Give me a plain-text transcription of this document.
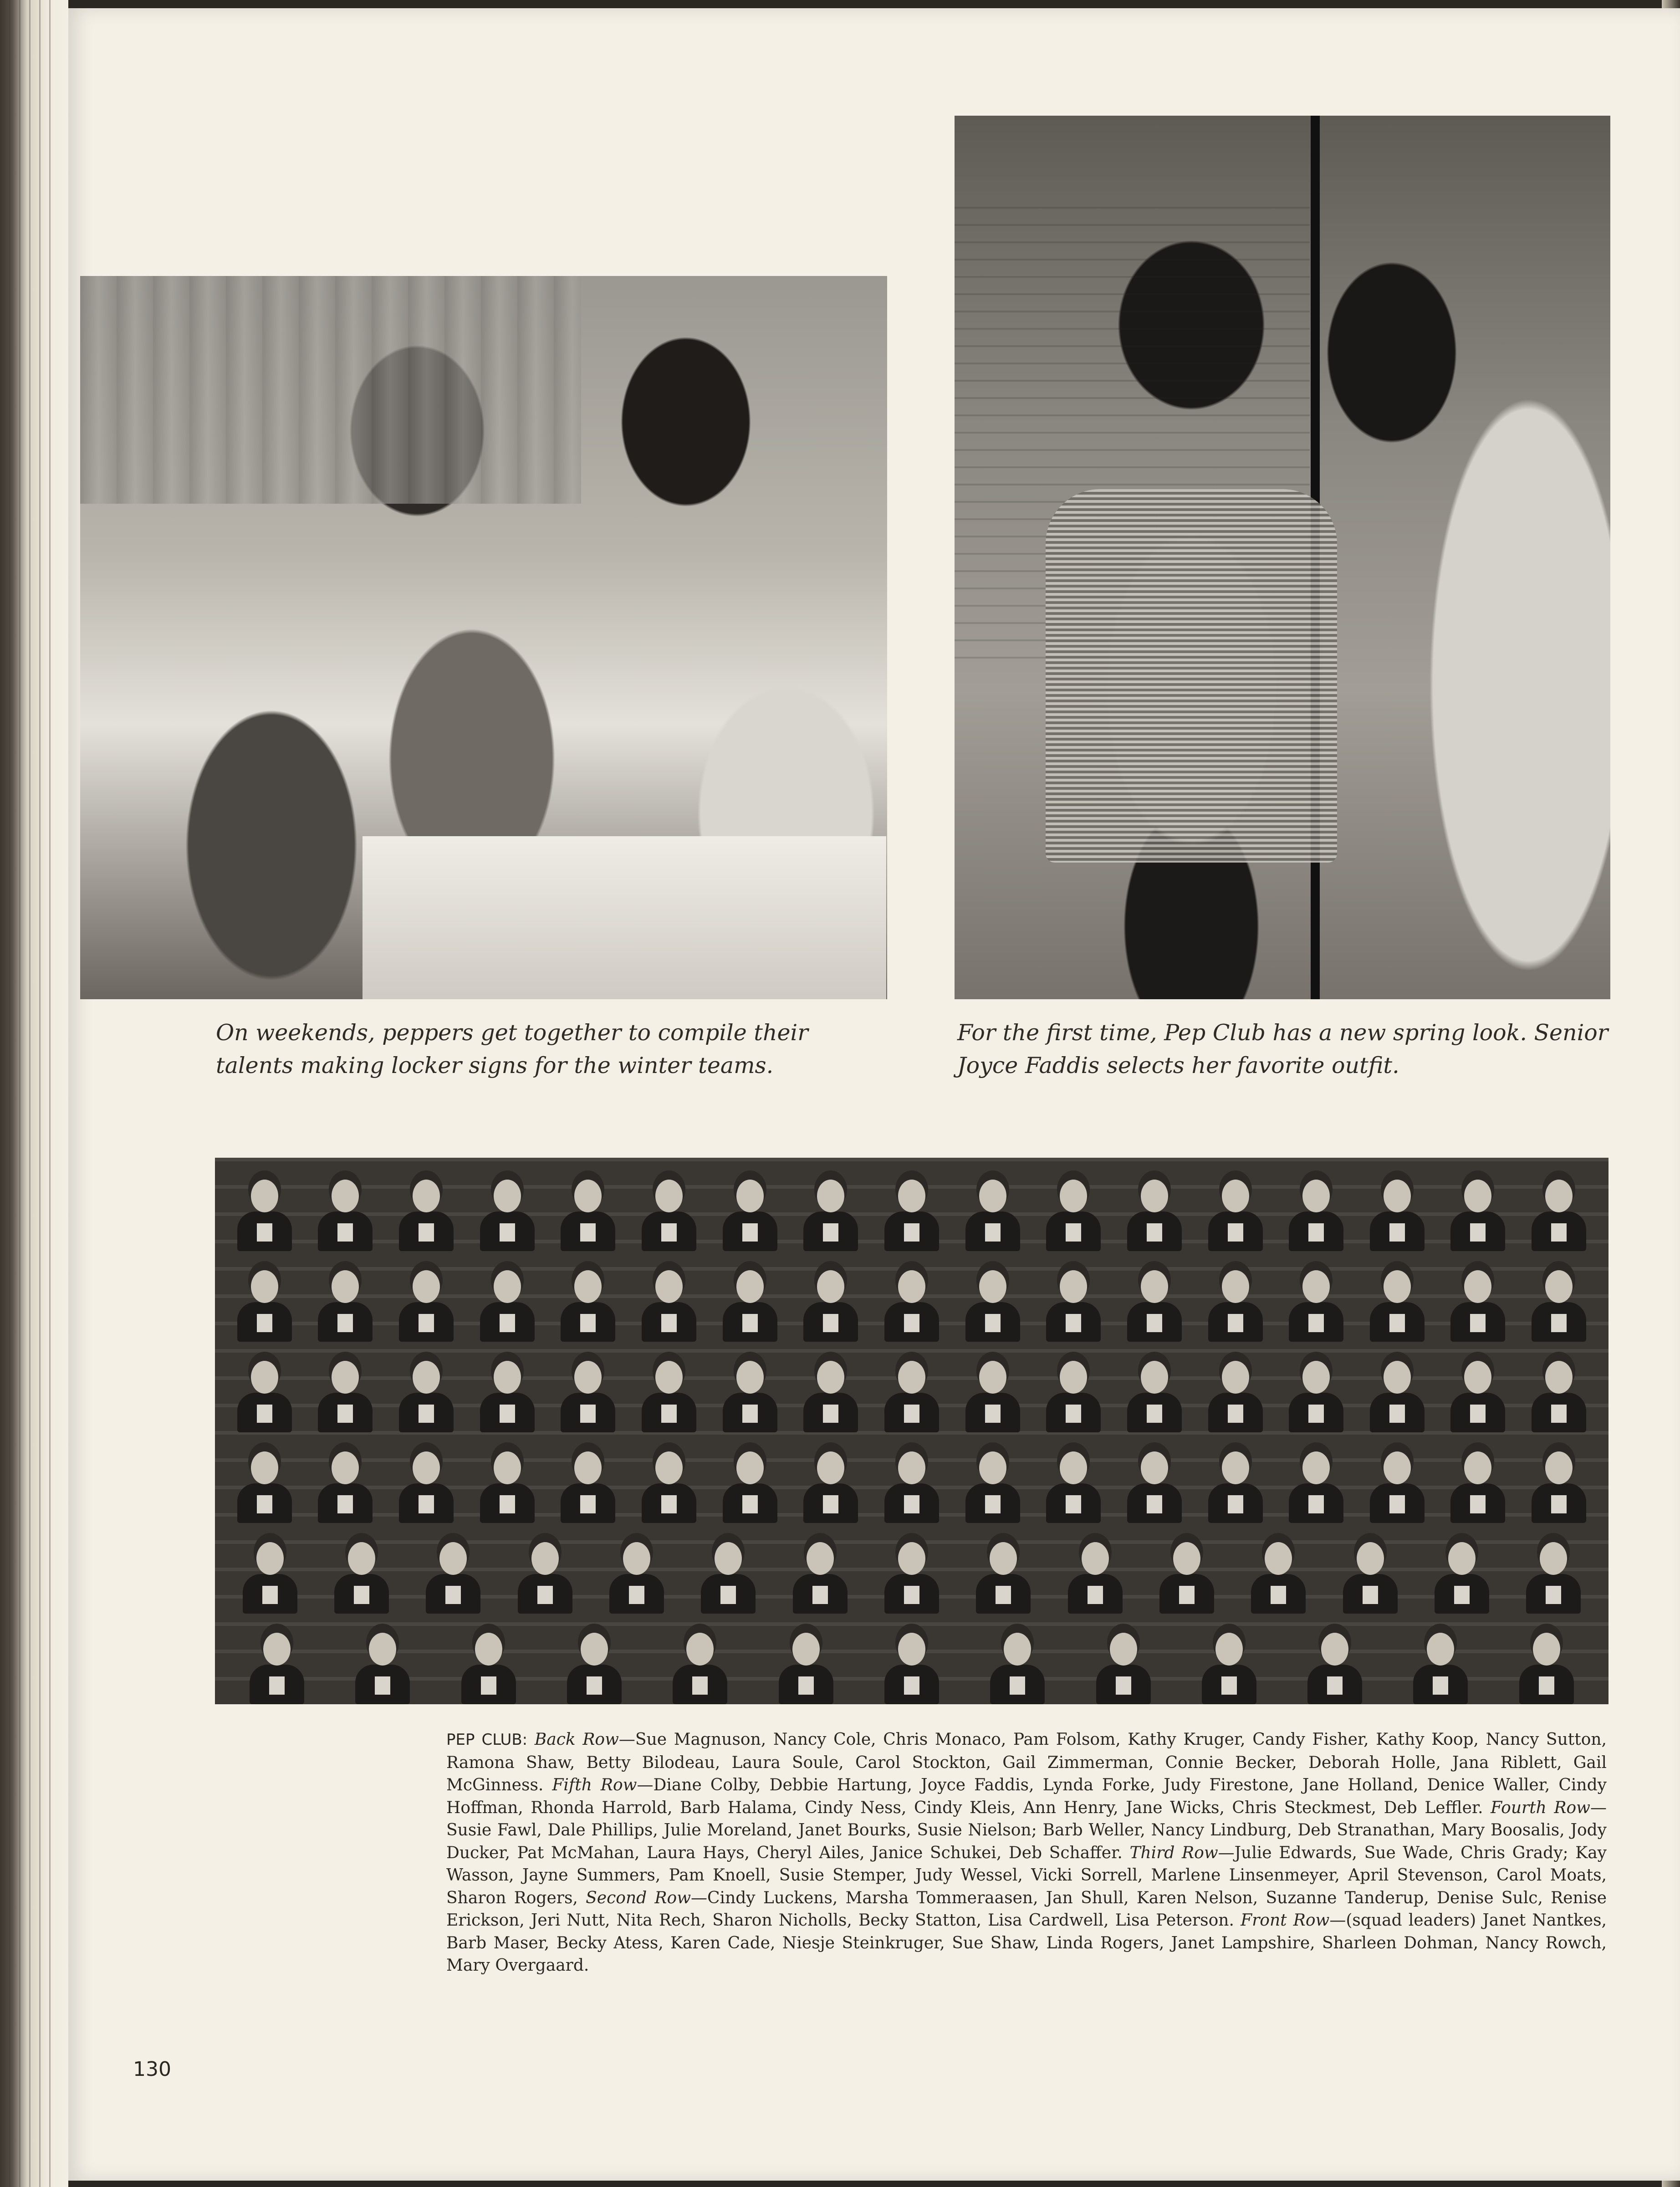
On weekends, peppers get together to compile their talents making locker signs for the winter teams.

For the first time, Pep Club has a new spring look. Senior Joyce Faddis selects her favorite outfit.

PEP CLUB: Back Row—Sue Magnuson, Nancy Cole, Chris Monaco, Pam Folsom, Kathy Kruger, Candy Fisher, Kathy Koop, Nancy Sutton, Ramona Shaw, Betty Bilodeau, Laura Soule, Carol Stockton, Gail Zimmerman, Connie Becker, Deborah Holle, Jana Riblett, Gail McGinness. Fifth Row—Diane Colby, Debbie Hartung, Joyce Faddis, Lynda Forke, Judy Firestone, Jane Holland, Denice Waller, Cindy Hoffman, Rhonda Harrold, Barb Halama, Cindy Ness, Cindy Kleis, Ann Henry, Jane Wicks, Chris Steckmest, Deb Leffler. Fourth Row—Susie Fawl, Dale Phillips, Julie Moreland, Janet Bourks, Susie Nielson; Barb Weller, Nancy Lindburg, Deb Stranathan, Mary Boosalis, Jody Ducker, Pat McMahan, Laura Hays, Cheryl Ailes, Janice Schukei, Deb Schaffer. Third Row—Julie Edwards, Sue Wade, Chris Grady; Kay Wasson, Jayne Summers, Pam Knoell, Susie Stemper, Judy Wessel, Vicki Sorrell, Marlene Linsenmeyer, April Stevenson, Carol Moats, Sharon Rogers, Second Row—Cindy Luckens, Marsha Tommeraasen, Jan Shull, Karen Nelson, Suzanne Tanderup, Denise Sulc, Renise Erickson, Jeri Nutt, Nita Rech, Sharon Nicholls, Becky Statton, Lisa Cardwell, Lisa Peterson. Front Row—(squad leaders) Janet Nantkes, Barb Maser, Becky Atess, Karen Cade, Niesje Steinkruger, Sue Shaw, Linda Rogers, Janet Lampshire, Sharleen Dohman, Nancy Rowch, Mary Overgaard.

130
